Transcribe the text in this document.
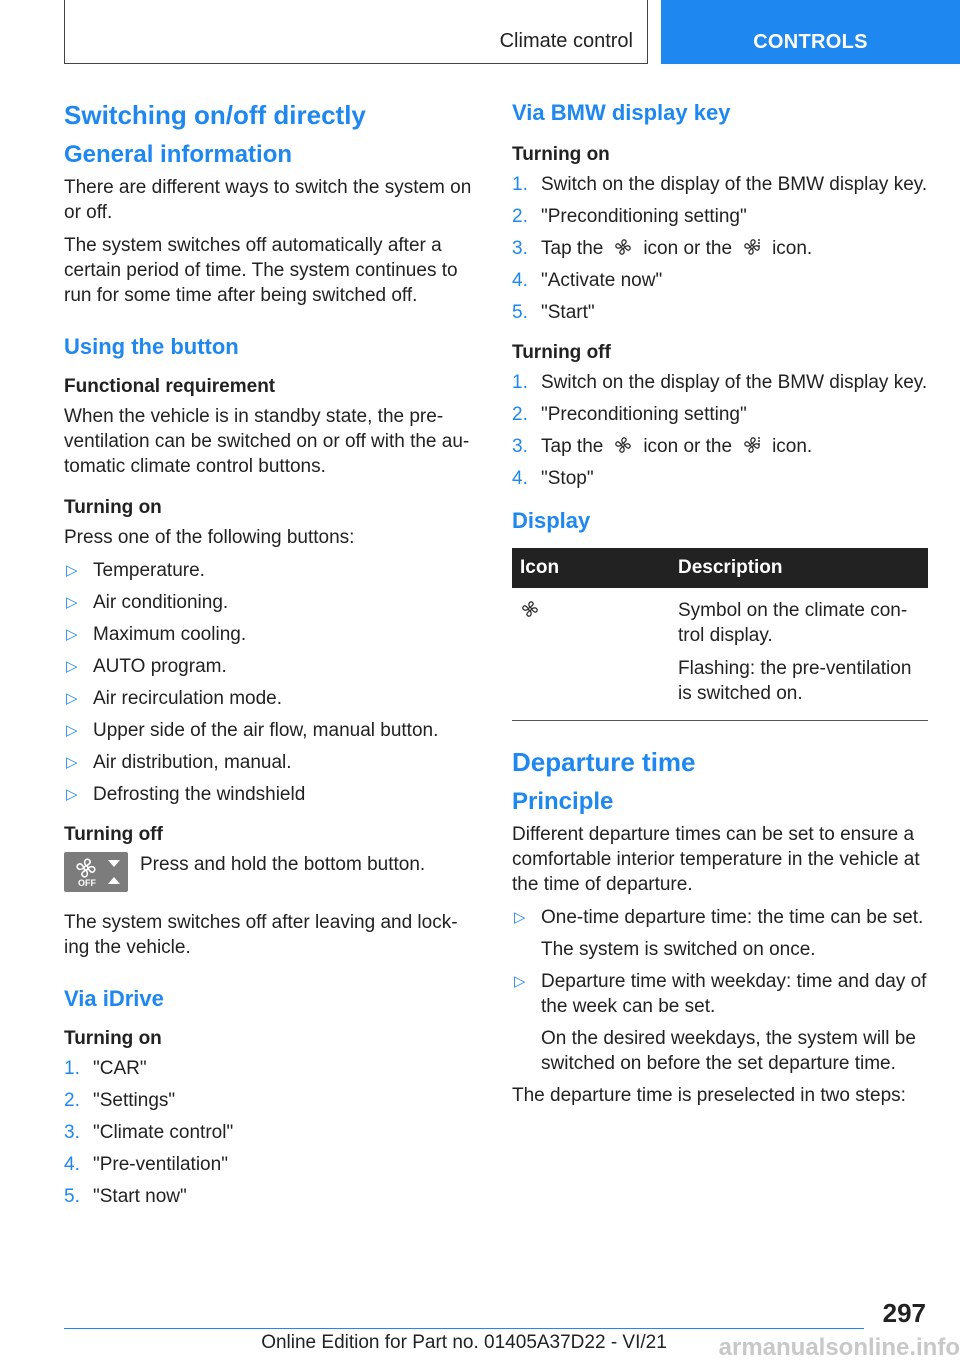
Climate control	CONTROLS
Switching on/off directly
General information

There are different ways to switch the system on or off.

The system switches off automatically after a certain period of time. The system continues to run for some time after being switched off.

Using the button
Functional requirement

When the vehicle is in standby state, the pre-ventilation can be switched on or off with the au-tomatic climate control buttons.

Turning on

Press one of the following buttons:

▷ Temperature.
▷ Air conditioning.
▷ Maximum cooling.
▷ AUTO program.
▷ Air recirculation mode.
▷ Upper side of the air flow, manual button.
▷ Air distribution, manual.
▷ Defrosting the windshield
Turning off
OFF
Press and hold the bottom button.

The system switches off after leaving and lock-ing the vehicle.

Via iDrive
Turning on
1. "CAR"
2. "Settings"
3. "Climate control"
4. "Pre-ventilation"
5. "Start now"
Via BMW display key
Turning on
1. Switch on the display of the BMW display key.
2. "Preconditioning setting"
3. Tap the icon or the icon.
4. "Activate now"
5. "Start"
Turning off
1. Switch on the display of the BMW display key.
2. "Preconditioning setting"
3. Tap the icon or the icon.
4. "Stop"
Display
Icon	Description

Symbol on the climate con-trol display.

Flashing: the pre-ventilation is switched on.

Departure time
Principle

Different departure times can be set to ensure a comfortable interior temperature in the vehicle at the time of departure.

▷ One-time departure time: the time can be set.
The system is switched on once.
▷ Departure time with weekday: time and day of the week can be set.
On the desired weekdays, the system will be switched on before the set departure time.

The departure time is preselected in two steps:

297
Online Edition for Part no. 01405A37D22 - VI/21	armanualsonline.info
